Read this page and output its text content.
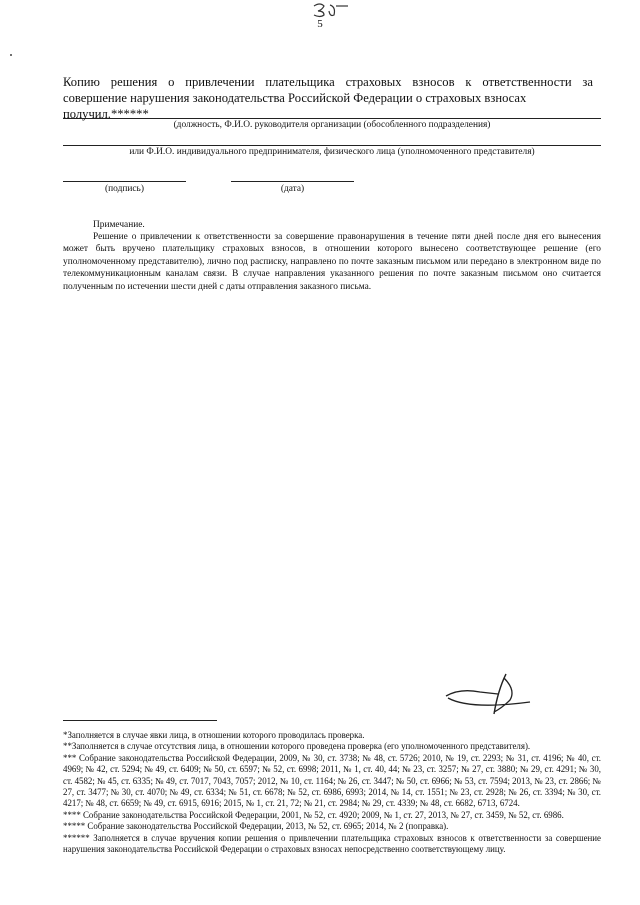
5
Копию решения о привлечении плательщика страховых взносов к ответственности за
совершение нарушения законодательства Российской Федерации о страховых взносах получил.******
(должность, Ф.И.О. руководителя организации (обособленного подразделения)
или Ф.И.О. индивидуального предпринимателя, физического лица (уполномоченного представителя)
(подпись)	(дата)
Примечание.
Решение о привлечении к ответственности за совершение правонарушения в течение пяти дней после дня его вынесения может быть вручено плательщику страховых взносов, в отношении которого вынесено соответствующее решение (его уполномоченному представителю), лично под расписку, направлено по почте заказным письмом или передано в электронном виде по телекоммуникационным каналам связи. В случае направления указанного решения по почте заказным письмом оно считается полученным по истечении шести дней с даты отправления заказного письма.

*Заполняется в случае явки лица, в отношении которого проводилась проверка.

**Заполняется в случае отсутствия лица, в отношении которого проведена проверка (его уполномоченного представителя).

*** Собрание законодательства Российской Федерации, 2009, № 30, ст. 3738; № 48, ст. 5726; 2010, № 19, ст. 2293; № 31, ст. 4196; № 40, ст. 4969; № 42, ст. 5294; № 49, ст. 6409; № 50, ст. 6597; № 52, ст. 6998; 2011, № 1, ст. 40, 44; № 23, ст. 3257; № 27, ст. 3880; № 29, ст. 4291; № 30, ст. 4582; № 45, ст. 6335; № 49, ст. 7017, 7043, 7057; 2012, № 10, ст. 1164; № 26, ст. 3447; № 50, ст. 6966; № 53, ст. 7594; 2013, № 23, ст. 2866; № 27, ст. 3477; № 30, ст. 4070; № 49, ст. 6334; № 51, ст. 6678; № 52, ст. 6986, 6993; 2014, № 14, ст. 1551; № 23, ст. 2928; № 26, ст. 3394; № 30, ст. 4217; № 48, ст. 6659; № 49, ст. 6915, 6916; 2015, № 1, ст. 21, 72; № 21, ст. 2984; № 29, ст. 4339; № 48, ст. 6682, 6713, 6724.

**** Собрание законодательства Российской Федерации, 2001, № 52, ст. 4920; 2009, № 1, ст. 27, 2013, № 27, ст. 3459, № 52, ст. 6986.

***** Собрание законодательства Российской Федерации, 2013, № 52, ст. 6965; 2014, № 2 (поправка).

****** Заполняется в случае вручения копии решения о привлечении плательщика страховых взносов к ответственности за совершение нарушения законодательства Российской Федерации о страховых взносах непосредственно соответствующему лицу.
